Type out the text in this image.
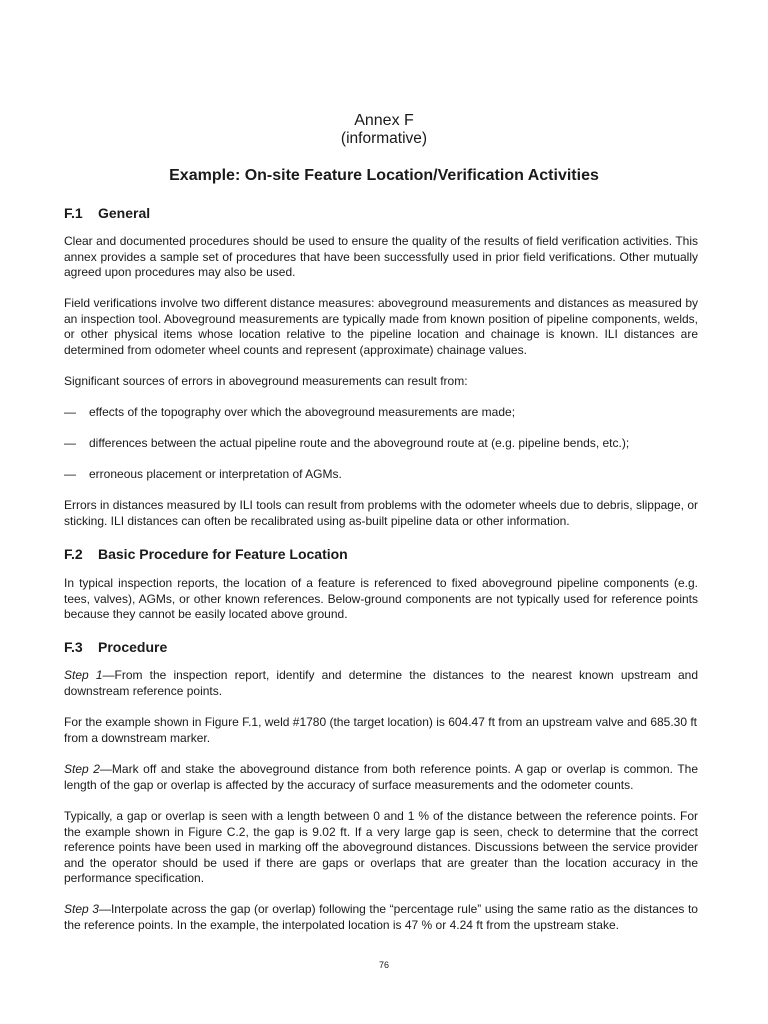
Annex F
(informative)
Example: On-site Feature Location/Verification Activities
F.1 General

Clear and documented procedures should be used to ensure the quality of the results of field verification activities. This annex provides a sample set of procedures that have been successfully used in prior field verifications. Other mutually agreed upon procedures may also be used.

Field verifications involve two different distance measures: aboveground measurements and distances as measured by an inspection tool. Aboveground measurements are typically made from known position of pipeline components, welds, or other physical items whose location relative to the pipeline location and chainage is known. ILI distances are determined from odometer wheel counts and represent (approximate) chainage values.

Significant sources of errors in aboveground measurements can result from:

— effects of the topography over which the aboveground measurements are made;
— differences between the actual pipeline route and the aboveground route at (e.g. pipeline bends, etc.);
— erroneous placement or interpretation of AGMs.

Errors in distances measured by ILI tools can result from problems with the odometer wheels due to debris, slippage, or sticking. ILI distances can often be recalibrated using as-built pipeline data or other information.

F.2 Basic Procedure for Feature Location

In typical inspection reports, the location of a feature is referenced to fixed aboveground pipeline components (e.g. tees, valves), AGMs, or other known references. Below-ground components are not typically used for reference points because they cannot be easily located above ground.

F.3 Procedure

Step 1—From the inspection report, identify and determine the distances to the nearest known upstream and downstream reference points.

For the example shown in Figure F.1, weld #1780 (the target location) is 604.47 ft from an upstream valve and 685.30 ft from a downstream marker.

Step 2—Mark off and stake the aboveground distance from both reference points. A gap or overlap is common. The length of the gap or overlap is affected by the accuracy of surface measurements and the odometer counts.

Typically, a gap or overlap is seen with a length between 0 and 1 % of the distance between the reference points. For the example shown in Figure C.2, the gap is 9.02 ft. If a very large gap is seen, check to determine that the correct reference points have been used in marking off the aboveground distances. Discussions between the service provider and the operator should be used if there are gaps or overlaps that are greater than the location accuracy in the performance specification.

Step 3—Interpolate across the gap (or overlap) following the “percentage rule” using the same ratio as the distances to the reference points. In the example, the interpolated location is 47 % or 4.24 ft from the upstream stake.

76
